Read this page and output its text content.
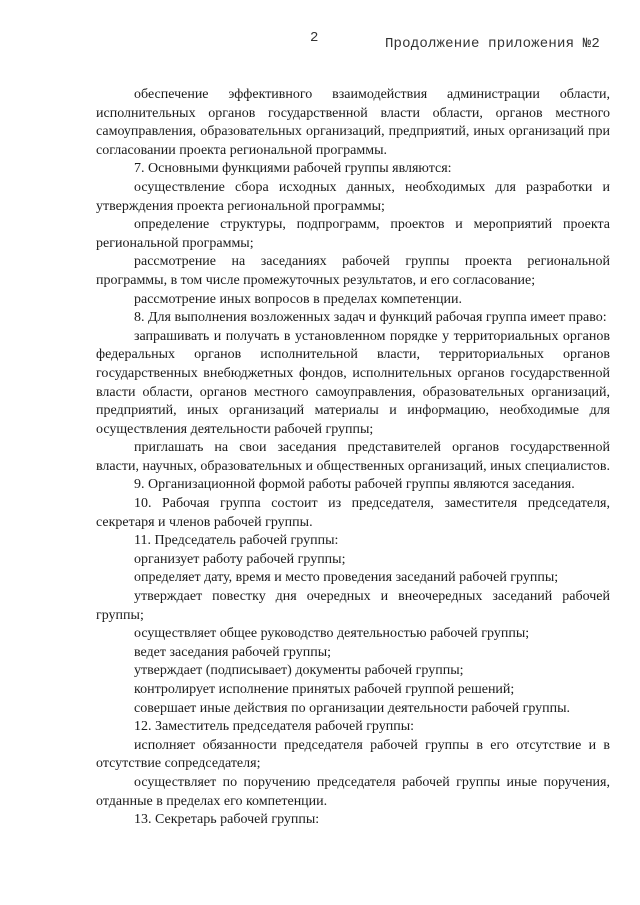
2	Продолжение приложения №2

обеспечение эффективного взаимодействия администрации области, исполнительных органов государственной власти области, органов местного самоуправления, образовательных организаций, предприятий, иных организаций при согласовании проекта региональной программы.

7. Основными функциями рабочей группы являются:

осуществление сбора исходных данных, необходимых для разработки и утверждения проекта региональной программы;

определение структуры, подпрограмм, проектов и мероприятий проекта региональной программы;

рассмотрение на заседаниях рабочей группы проекта региональной программы, в том числе промежуточных результатов, и его согласование;

рассмотрение иных вопросов в пределах компетенции.

8. Для выполнения возложенных задач и функций рабочая группа имеет право:

запрашивать и получать в установленном порядке у территориальных органов федеральных органов исполнительной власти, территориальных органов государственных внебюджетных фондов, исполнительных органов государственной власти области, органов местного самоуправления, образовательных организаций, предприятий, иных организаций материалы и информацию, необходимые для осуществления деятельности рабочей группы;

приглашать на свои заседания представителей органов государственной власти, научных, образовательных и общественных организаций, иных специалистов.

9. Организационной формой работы рабочей группы являются заседания.

10. Рабочая группа состоит из председателя, заместителя председателя, секретаря и членов рабочей группы.

11. Председатель рабочей группы:

организует работу рабочей группы;

определяет дату, время и место проведения заседаний рабочей группы;

утверждает повестку дня очередных и внеочередных заседаний рабочей группы;

осуществляет общее руководство деятельностью рабочей группы;

ведет заседания рабочей группы;

утверждает (подписывает) документы рабочей группы;

контролирует исполнение принятых рабочей группой решений;

совершает иные действия по организации деятельности рабочей группы.

12. Заместитель председателя рабочей группы:

исполняет обязанности председателя рабочей группы в его отсутствие и в отсутствие сопредседателя;

осуществляет по поручению председателя рабочей группы иные поручения, отданные в пределах его компетенции.

13. Секретарь рабочей группы:
